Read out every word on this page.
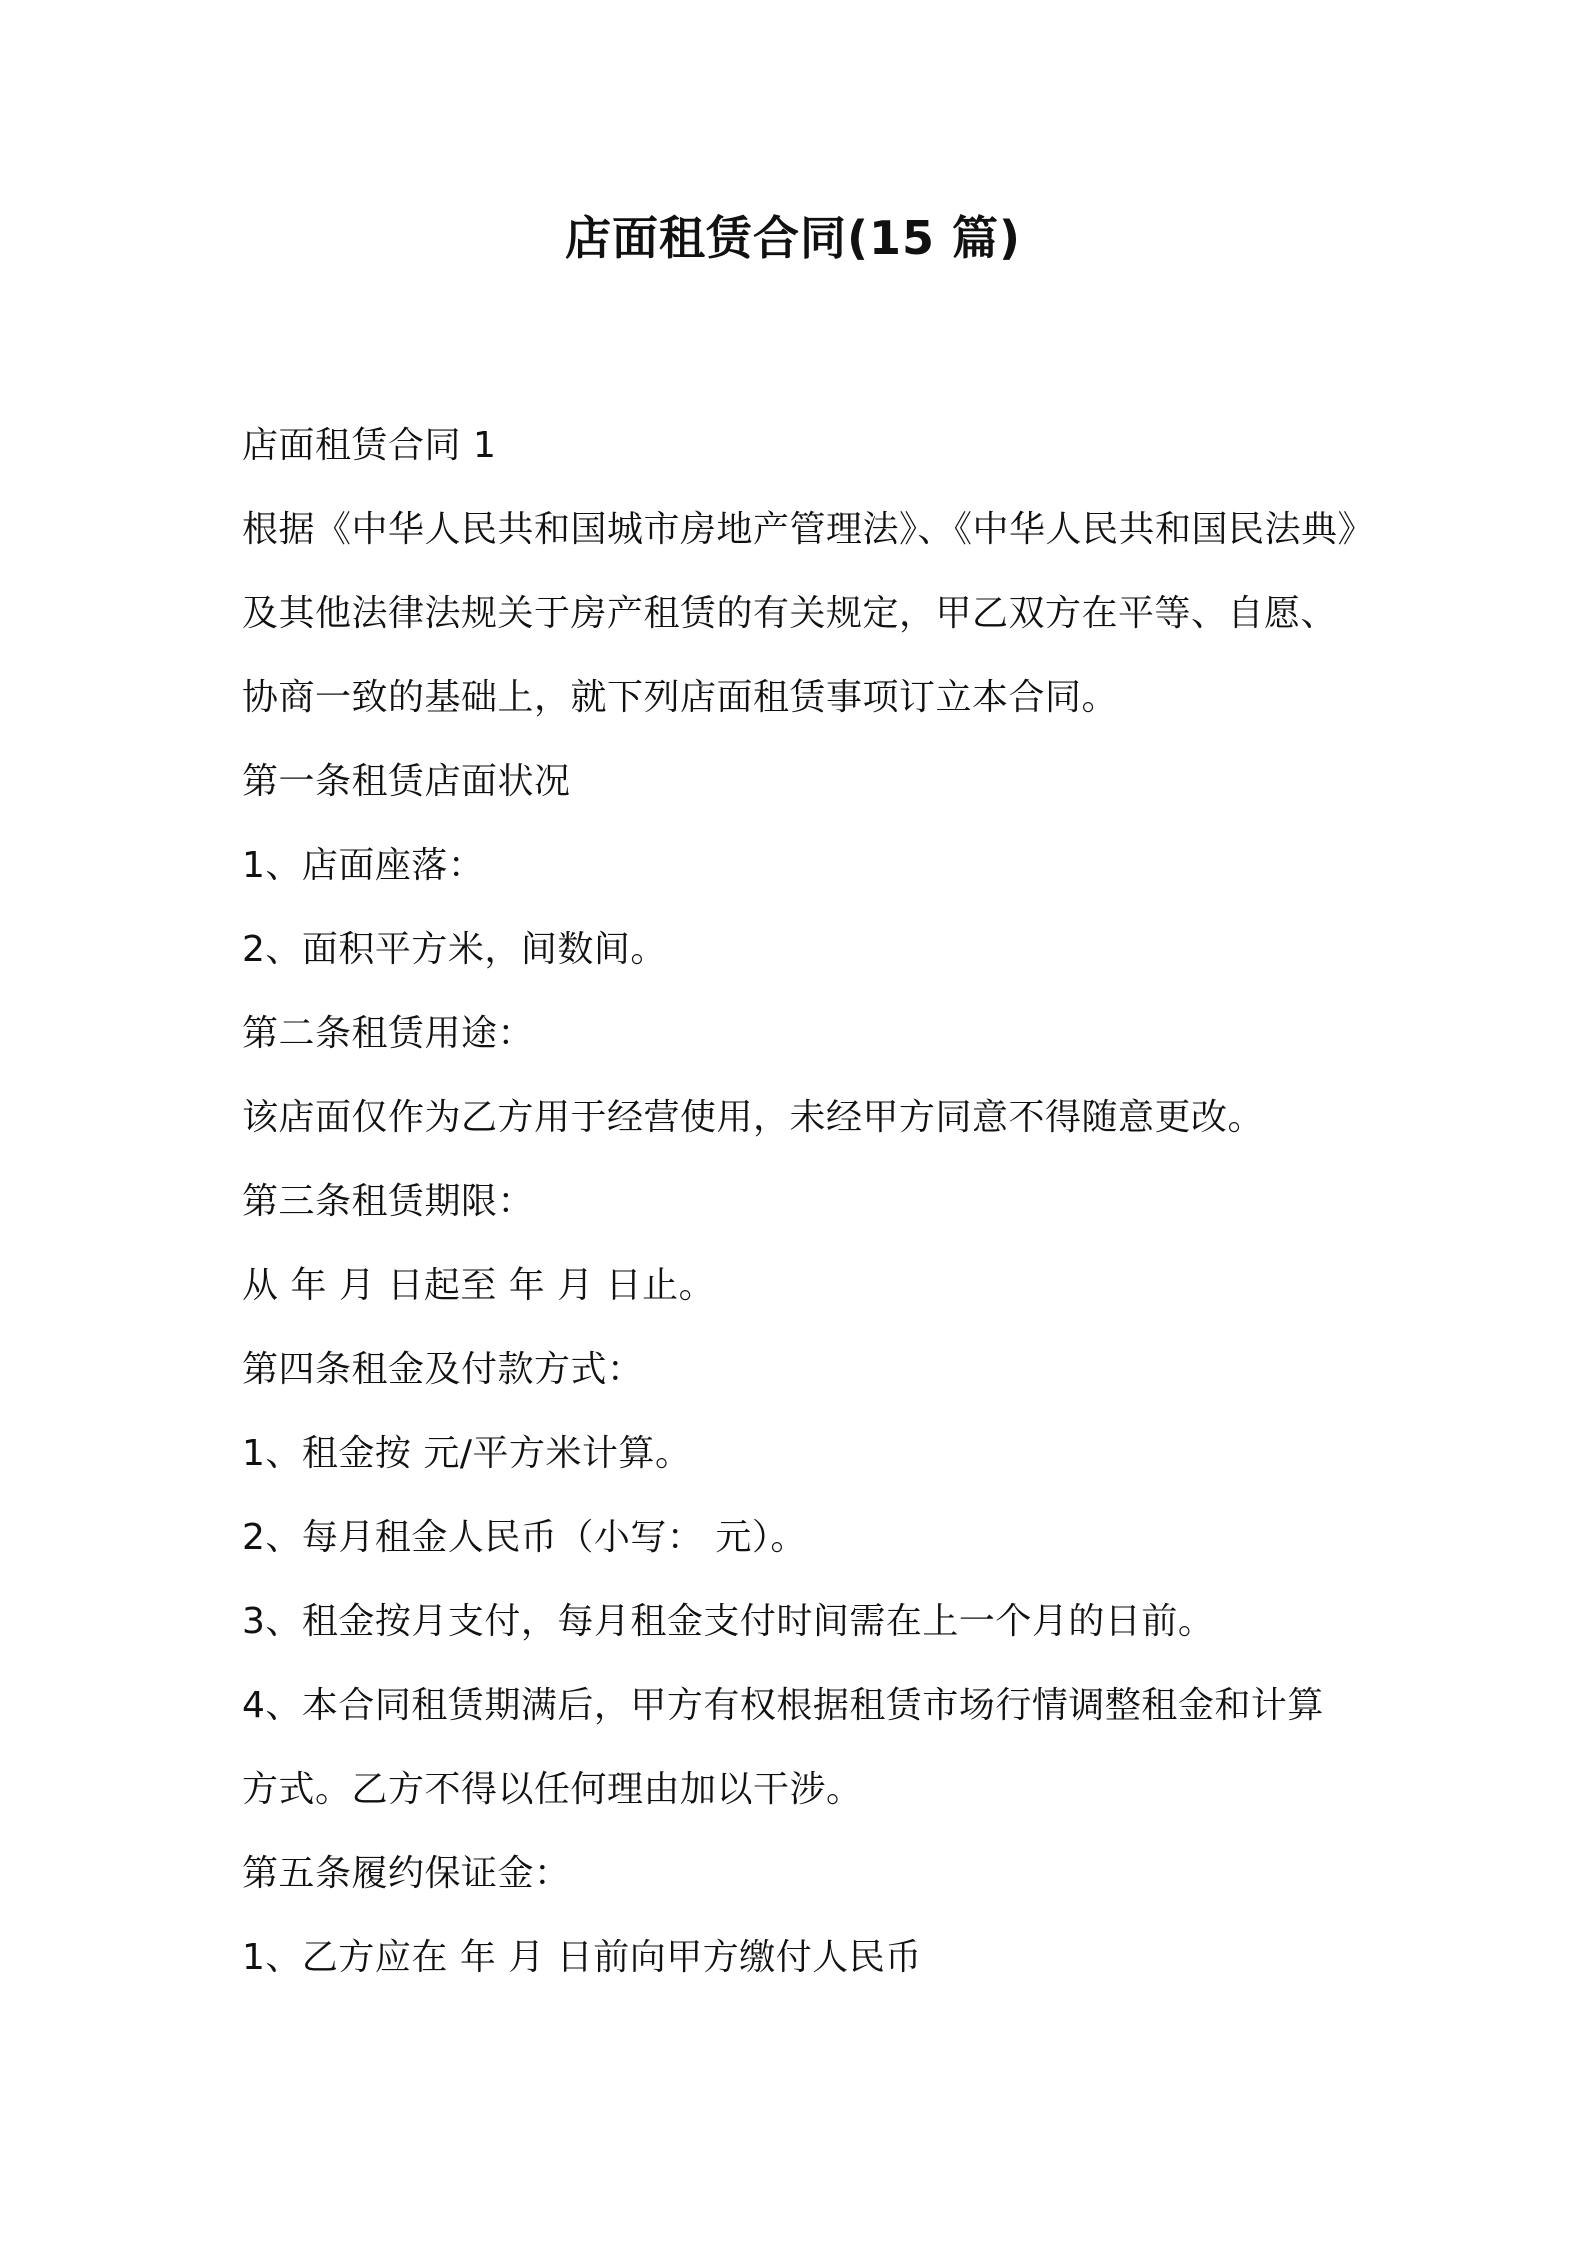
店面租赁合同(15 篇)
店面租赁合同 1
根据《中华人民共和国城市房地产管理法》、《中华人民共和国民法典》
及其他法律法规关于房产租赁的有关规定，甲乙双方在平等、自愿、
协商一致的基础上，就下列店面租赁事项订立本合同。
第一条租赁店面状况
1、店面座落：
2、面积平方米，间数间。
第二条租赁用途：
该店面仅作为乙方用于经营使用，未经甲方同意不得随意更改。
第三条租赁期限：
从 年 月 日起至 年 月 日止。
第四条租金及付款方式：
1、租金按 元/平方米计算。
2、每月租金人民币（小写： 元）。
3、租金按月支付，每月租金支付时间需在上一个月的日前。
4、本合同租赁期满后，甲方有权根据租赁市场行情调整租金和计算
方式。乙方不得以任何理由加以干涉。
第五条履约保证金：
1、乙方应在 年 月 日前向甲方缴付人民币
